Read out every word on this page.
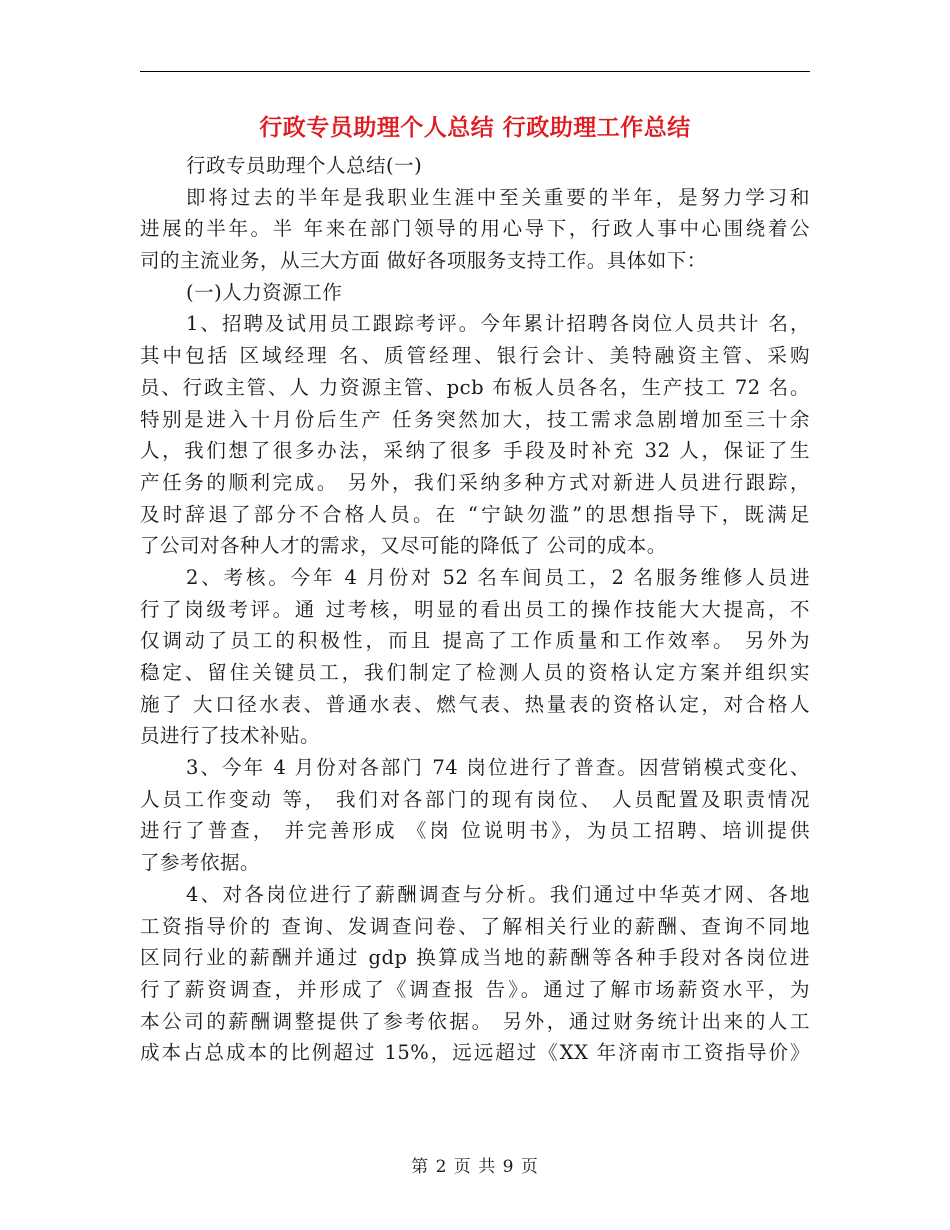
行政专员助理个人总结 行政助理工作总结
行政专员助理个人总结(一)
即将过去的半年是我职业生涯中至关重要的半年，是努力学习和
进展的半年。半 年来在部门领导的用心导下，行政人事中心围绕着公
司的主流业务，从三大方面 做好各项服务支持工作。具体如下：
(一)人力资源工作
1、招聘及试用员工跟踪考评。今年累计招聘各岗位人员共计 名，
其中包括 区域经理 名、质管经理、银行会计、美特融资主管、采购
员、行政主管、人 力资源主管、pcb 布板人员各名，生产技工 72 名。
特别是进入十月份后生产 任务突然加大，技工需求急剧增加至三十余
人，我们想了很多办法，采纳了很多 手段及时补充 32 人，保证了生
产任务的顺利完成。 另外，我们采纳多种方式对新进人员进行跟踪，
及时辞退了部分不合格人员。在 “宁缺勿滥”的思想指导下，既满足
了公司对各种人才的需求，又尽可能的降低了 公司的成本。
2、考核。今年 4 月份对 52 名车间员工，2 名服务维修人员进
行了岗级考评。通 过考核，明显的看出员工的操作技能大大提高，不
仅调动了员工的积极性，而且 提高了工作质量和工作效率。 另外为
稳定、留住关键员工，我们制定了检测人员的资格认定方案并组织实
施了 大口径水表、普通水表、燃气表、热量表的资格认定，对合格人
员进行了技术补贴。
3、今年 4 月份对各部门 74 岗位进行了普查。因营销模式变化、
人员工作变动 等， 我们对各部门的现有岗位、 人员配置及职责情况
进行了普查， 并完善形成 《岗 位说明书》，为员工招聘、培训提供
了参考依据。
4、对各岗位进行了薪酬调查与分析。我们通过中华英才网、各地
工资指导价的 查询、发调查问卷、了解相关行业的薪酬、查询不同地
区同行业的薪酬并通过 gdp 换算成当地的薪酬等各种手段对各岗位进
行了薪资调查，并形成了《调查报 告》。通过了解市场薪资水平，为
本公司的薪酬调整提供了参考依据。 另外，通过财务统计出来的人工
成本占总成本的比例超过 15%，远远超过《XX 年济南市工资指导价》
第 2 页 共 9 页
